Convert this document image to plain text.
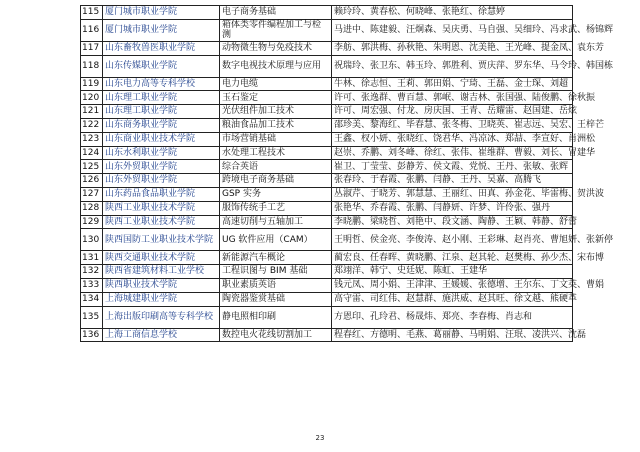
115	厦门城市职业学院	电子商务基础	赖玲玲、黄春松、何晓峰、张艳红、徐慧婷
116	厦门城市职业学院	箱体类零件编程加工与检测	马进中、陈建毅、汪炯森、吴庆勇、马自强、吴细玲、冯求武、杨锦辉
117	山东畜牧兽医职业学院	动物微生物与免疫技术	李舫、郭洪梅、孙秋艳、朱明恩、沈美艳、王光峰、提金凤、袁东芳
118	山东传媒职业学院	数字电视技术原理与应用	祝瑞玲、张卫东、韩玉玲、郭胜利、贾庆萍、罗东华、马令玲、韩国栋
119	山东电力高等专科学校	电力电缆	牛林、徐志恒、王莉、郭田娟、宁琦、王磊、金士琛、刘超
120	山东理工职业学院	玉石鉴定	许可、张逸群、曹百慧、郭岷、谢吉林、张国强、陆俊鹏、徐秋振
121	山东理工职业学院	光伏组件加工技术	许可、周宏强、付龙、房庆国、王青、岳耀雷、赵国建、岳炫
122	山东商务职业学院	粮油食品加工技术	邵珍美、黎海红、毕春慧、张冬梅、卫晓英、崔志远、吴宏、王梓芒
123	山东商业职业技术学院	市场营销基础	王鑫、杈小妍、张晓红、饶君华、冯凉冰、郑喆、李宣好、肖洲松
124	山东水利职业学院	水处理工程技术	赵崇、乔鹏、刘冬峰、徐红、张伟、崔维群、曹毅、刘长、冒建华
125	山东外贸职业学院	综合英语	崔卫、丁莹莹、彭静芳、侯文霞、党悦、王丹、张敏、张辉
126	山东外贸职业学院	跨境电子商务基础	张春玲、于春霞、张鹏、闫静、王丹、吴嘉、高腾飞
127	山东药品食品职业学院	GSP 实务	丛淑芹、于晓芳、郭慧慧、王丽红、田真、孙金花、毕雷梅、贺洪波
128	陕西工业职业技术学院	服饰传统手工艺	张艳华、乔春霞、张鹏、闫静妍、许梦、许伶张、强丹
129	陕西工业职业技术学院	高速切削与五轴加工	李晓鹏、梁晓哲、刘艳中、段文涵、陶静、王颖、韩静、舒蕾
130	陕西国防工业职业技术学院	UG 软件应用（CAM）	王明哲、侯金亮、李俊涛、赵小刚、王彩琳、赵肖亮、曹旭妍、张新停
131	陕西交通职业技术学院	新能源汽车概论	蔺宏良、任春晖、黄晓鹏、江泉、赵其轮、赵樊梅、孙少杰、宋布博
132	陕西省建筑材料工业学校	工程识图与 BIM 基础	郑翊洋、韩宁、史廷妮、陈虹、王建华
133	陕西职业技术学院	职业素质英语	钱元凤、周小娟、王津津、王媛媛、张德增、王尔东、丁文英、曹娟
134	上海城建职业学院	陶瓷器鉴赏基础	高守雷、司红伟、赵慧群、施洪威、赵其旺、徐文越、熊硬革
135	上海出版印刷高等专科学校	静电照相印刷	方恩印、孔玲君、杨晟炜、郑亮、李春梅、肖志和
136	上海工商信息学校	数控电火花线切割加工	程春红、方德明、毛燕、葛丽静、马明娟、汪珉、凌洪兴、沈磊
23
